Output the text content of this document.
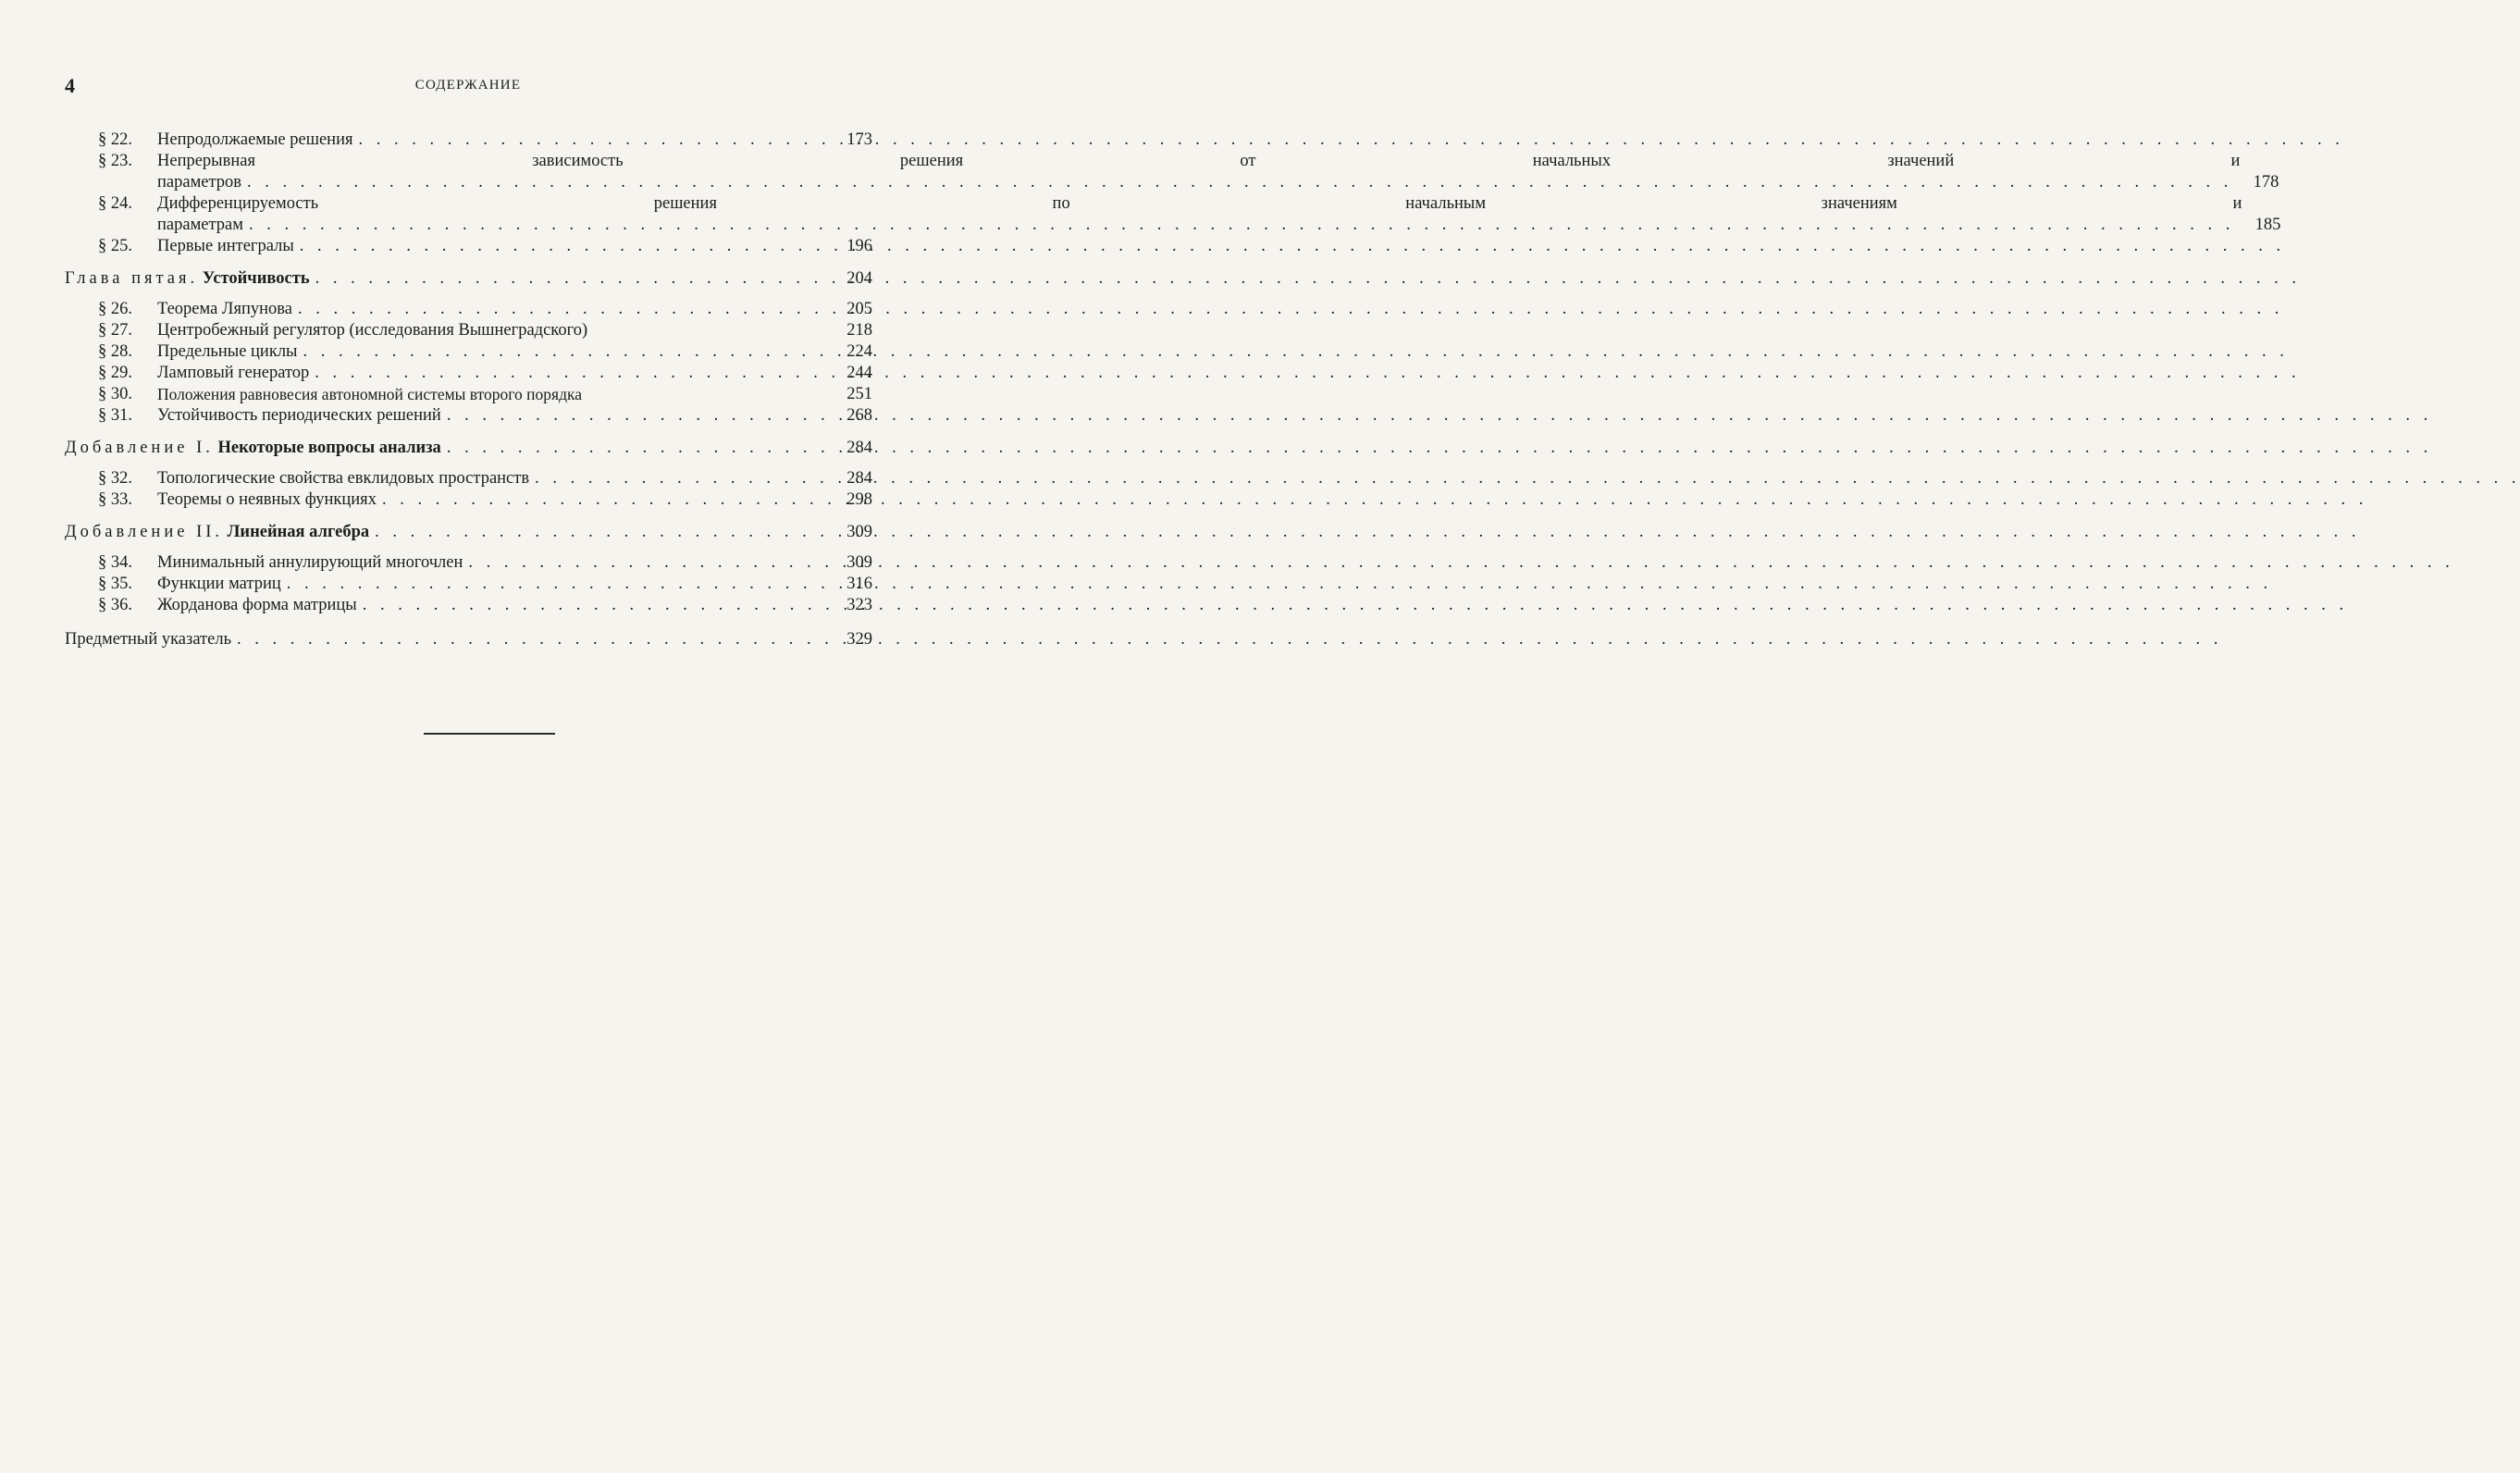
4	СОДЕРЖАНИЕ
§ 22.	Непродолжаемые решения . . .	173
§ 23.	Непрерывная зависимость решения от начальных значений и
параметров . . .	178
§ 24.	Дифференцируемость решения по начальным значениям и
параметрам . . .	185
§ 25.	Первые интегралы . . .	196
Глава пятая. Устойчивость . . .	204
§ 26.	Теорема Ляпунова . . .	205
§ 27.	Центробежный регулятор (исследования Вышнеградского)	218
§ 28.	Предельные циклы . . .	224
§ 29.	Ламповый генератор . . .	244
§ 30.	Положения равновесия автономной системы второго порядка	251
§ 31.	Устойчивость периодических решений . . .	268
Добавление I. Некоторые вопросы анализа . . .	284
§ 32.	Топологические свойства евклидовых пространств . . .	284
§ 33.	Теоремы о неявных функциях . . .	298
Добавление II. Линейная алгебра . . .	309
§ 34.	Минимальный аннулирующий многочлен . . .	309
§ 35.	Функции матриц . . .	316
§ 36.	Жорданова форма матрицы . . .	323
Предметный указатель . . .	329
